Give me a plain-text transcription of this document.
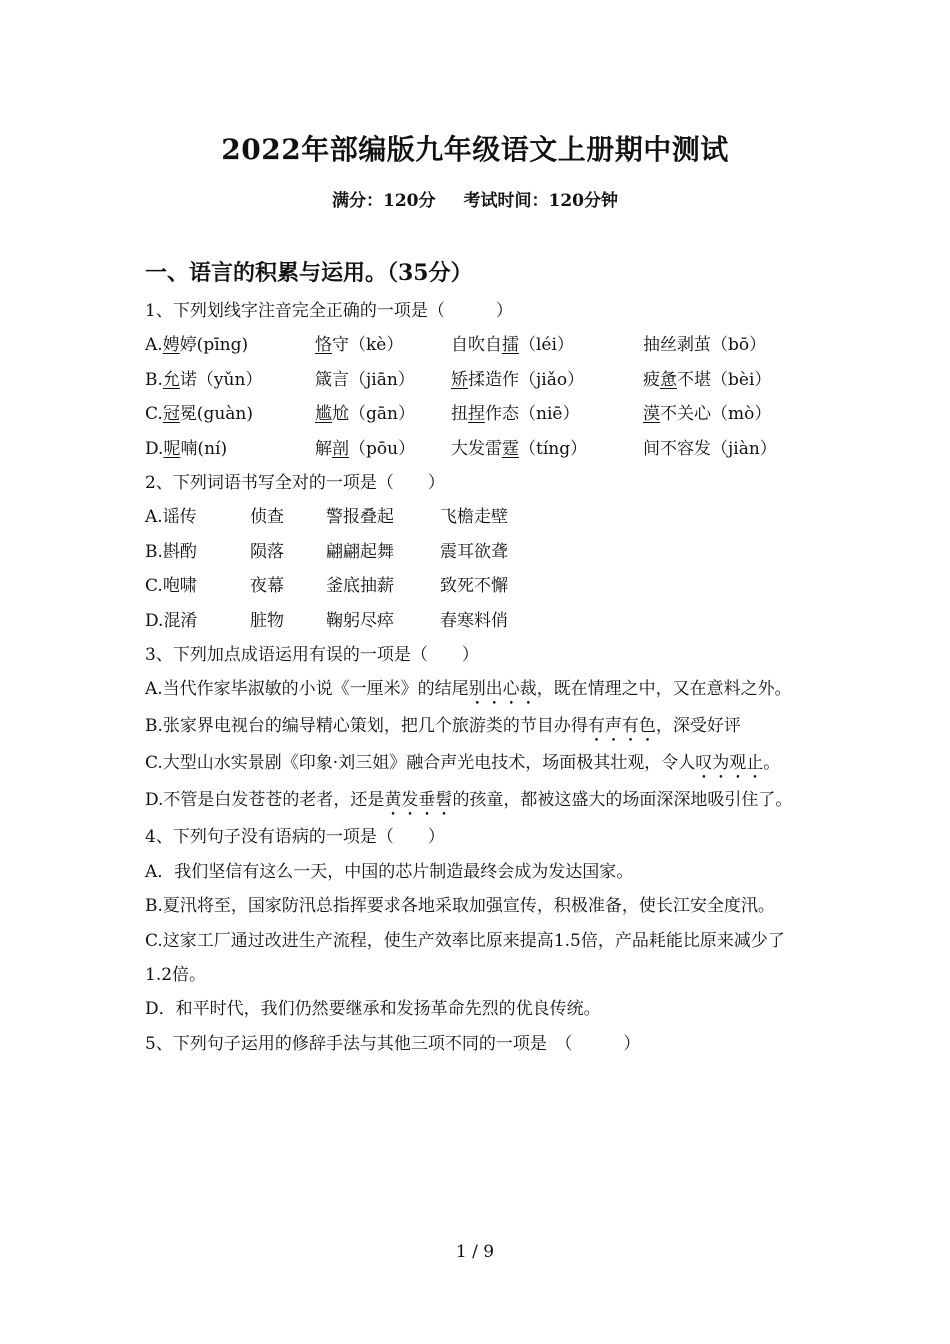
2022年部编版九年级语文上册期中测试
满分：120分 考试时间：120分钟
一、语言的积累与运用。（35分）
1、下列划线字注音完全正确的一项是（　　　）
A.娉婷(pīng)	恪守（kè）	自吹自擂（léi）	抽丝剥茧（bō）
B.允诺（yǔn）	箴言（jiān）	矫揉造作（jiǎo）	疲惫不堪（bèi）
C.冠冕(guàn)	尴尬（gān）	扭捏作态（niē）	漠不关心（mò）
D.呢喃(ní)	解剖（pōu）	大发雷霆（tíng）	间不容发（jiàn）
2、下列词语书写全对的一项是（　　）
A.谣传	侦查	警报叠起	飞檐走壁
B.斟酌	陨落	翩翩起舞	震耳欲聋
C.咆啸	夜幕	釜底抽薪	致死不懈
D.混淆	脏物	鞠躬尽瘁	春寒料俏
3、下列加点成语运用有误的一项是（　　）
A.当代作家毕淑敏的小说《一厘米》的结尾别出心裁，既在情理之中，又在意料之外。
B.张家界电视台的编导精心策划，把几个旅游类的节目办得有声有色，深受好评
C.大型山水实景剧《印象·刘三姐》融合声光电技术，场面极其壮观，令人叹为观止。
D.不管是白发苍苍的老者，还是黄发垂髫的孩童，都被这盛大的场面深深地吸引住了。
4、下列句子没有语病的一项是（　　）
A．我们坚信有这么一天，中国的芯片制造最终会成为发达国家。
B.夏汛将至，国家防汛总指挥要求各地采取加强宣传，积极准备，使长江安全度汛。
C.这家工厂通过改进生产流程，使生产效率比原来提高1.5倍，产品耗能比原来减少了1.2倍。
D．和平时代，我们仍然要继承和发扬革命先烈的优良传统。
5、下列句子运用的修辞手法与其他三项不同的一项是　（　　　）
1 / 9
